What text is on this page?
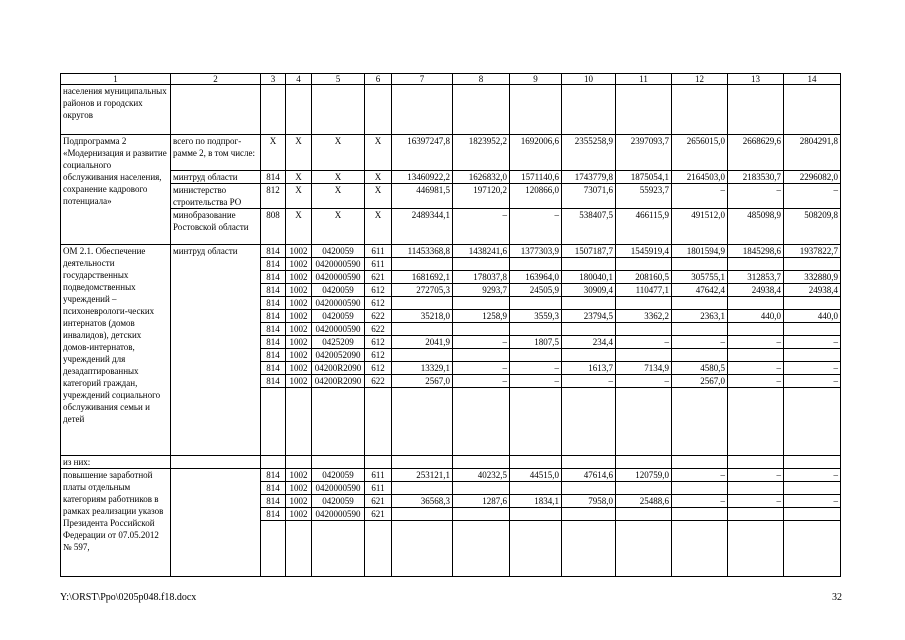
1	2	3	4	5	6	7	8	9	10	11	12	13	14
населения муниципальных районов и городских округов													
Подпрограмма 2 «Модернизация и развитие социального обслуживания населения, сохранение кадрового потенциала»	всего по подпрог-рамме 2, в том числе:	Х	Х	Х	Х	16397247,8	1823952,2	1692006,6	2355258,9	2397093,7	2656015,0	2668629,6	2804291,8
	минтруд области	814	Х	Х	Х	13460922,2	1626832,0	1571140,6	1743779,8	1875054,1	2164503,0	2183530,7	2296082,0
	министерство строительства РО	812	Х	Х	Х	446981,5	197120,2	120866,0	73071,6	55923,7	–	–	–
	минобразование Ростовской области	808	Х	Х	Х	2489344,1	–	–	538407,5	466115,9	491512,0	485098,9	508209,8
ОМ 2.1. Обеспечение деятельности государственных подведомственных учреждений – психоневрологи-ческих интернатов (домов инвалидов), детских домов-интернатов, учреждений для дезадаптированных категорий граждан, учреждений социального обслуживания семьи и детей	минтруд области	814	1002	0420059	611	11453368,8	1438241,6	1377303,9	1507187,7	1545919,4	1801594,9	1845298,6	1937822,7
		814	1002	0420000590	611								
		814	1002	0420000590	621	1681692,1	178037,8	163964,0	180040,1	208160,5	305755,1	312853,7	332880,9
		814	1002	0420059	612	272705,3	9293,7	24505,9	30909,4	110477,1	47642,4	24938,4	24938,4
		814	1002	0420000590	612								
		814	1002	0420059	622	35218,0	1258,9	3559,3	23794,5	3362,2	2363,1	440,0	440,0
		814	1002	0420000590	622								
		814	1002	0425209	612	2041,9	–	1807,5	234,4	–	–	–	–
		814	1002	0420052090	612								
		814	1002	04200R2090	612	13329,1	–	–	1613,7	7134,9	4580,5	–	–
		814	1002	04200R2090	622	2567,0	–	–	–	–	2567,0	–	–

из них:													
повышение заработной платы отдельным категориям работников в рамках реализации указов Президента Российской Федерации от 07.05.2012 № 597,		814	1002	0420059	611	253121,1	40232,5	44515,0	47614,6	120759,0	–	–	–
		814	1002	0420000590	611								
		814	1002	0420059	621	36568,3	1287,6	1834,1	7958,0	25488,6	–	–	–
		814	1002	0420000590	621								

Y:\ORST\Ppo\0205p048.f18.docx	32
